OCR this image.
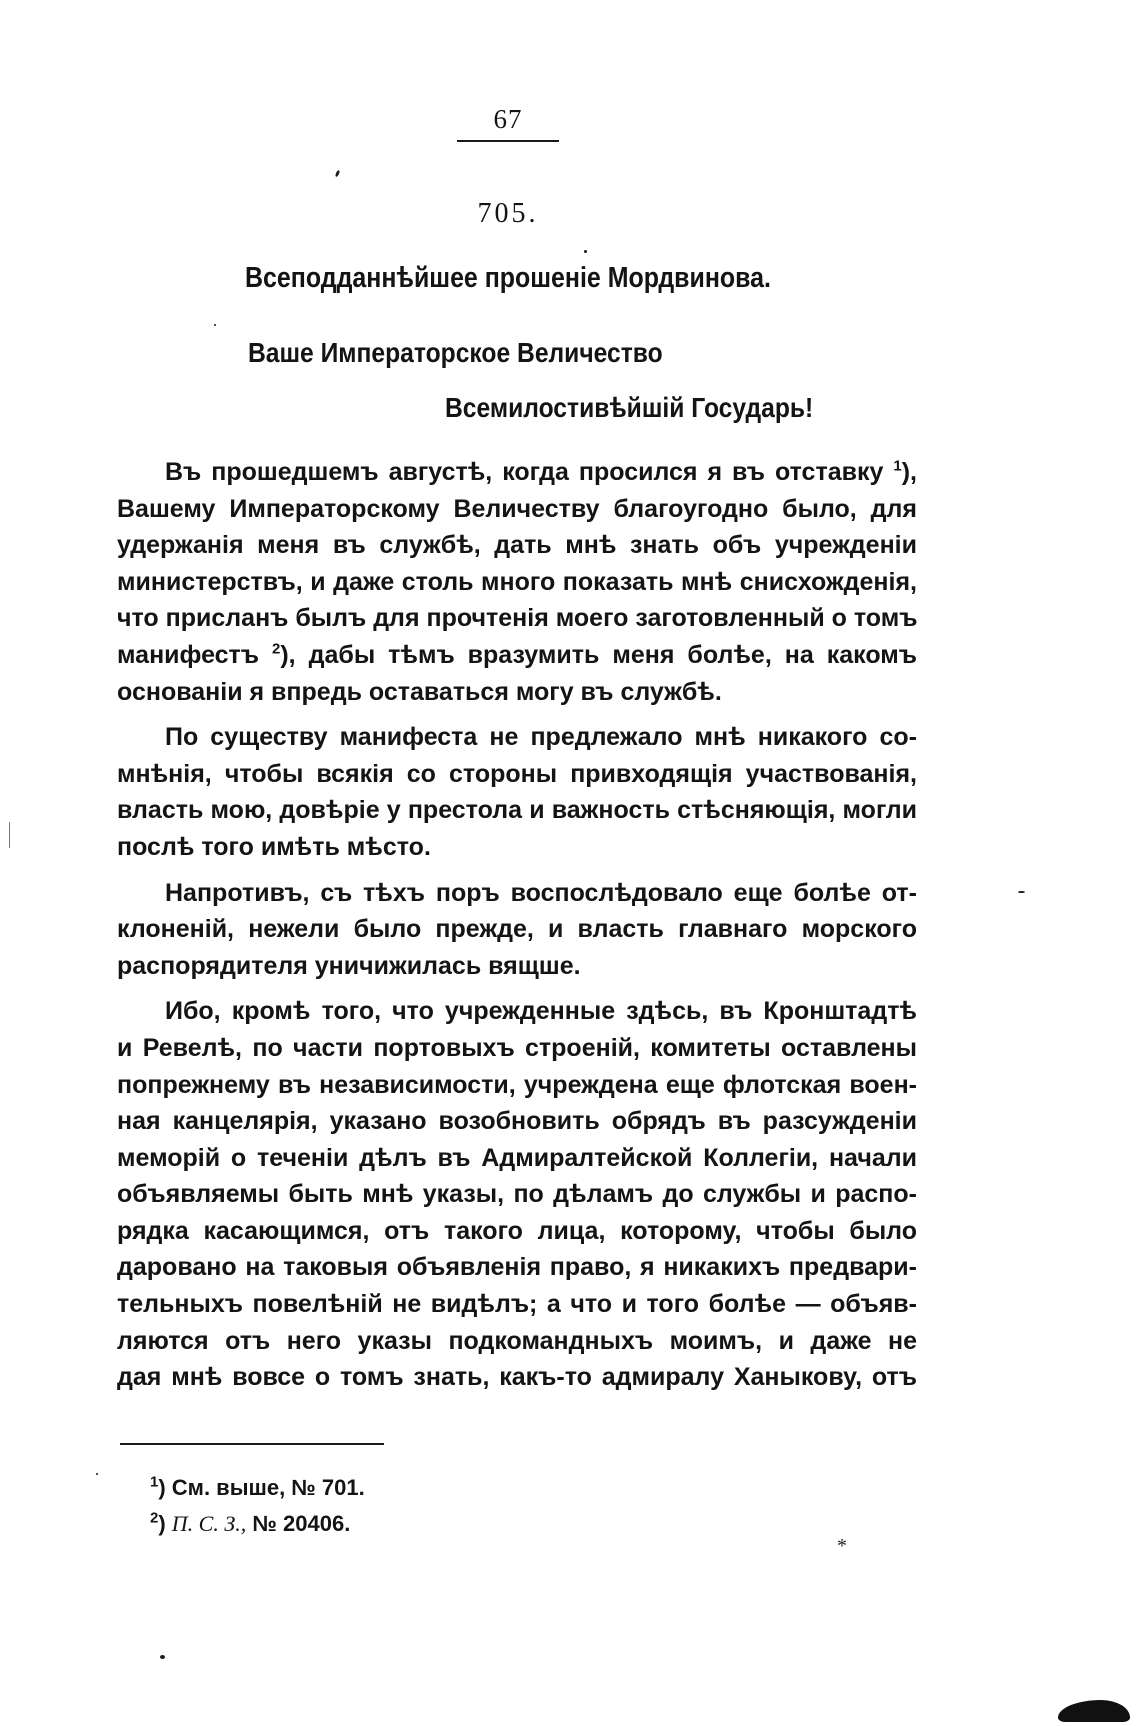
67
705.
Всеподданнѣйшее прошеніе Мордвинова.
Ваше Императорское Величество
Всемилостивѣйшій Государь!
Въ прошедшемъ августѣ, когда просился я въ отставку $^1$),
Вашему Императорскому Величеству благоугодно было, для
удержанія меня въ службѣ, дать мнѣ знать объ учрежденіи
министерствъ, и даже столь много показать мнѣ снисхожденія,
что присланъ былъ для прочтенія моего заготовленный о томъ
манифестъ $^2$), дабы тѣмъ вразумить меня болѣе, на какомъ
основаніи я впредь оставаться могу въ службѣ.
По существу манифеста не предлежало мнѣ никакого со-
мнѣнія, чтобы всякія со стороны привходящія участвованія,
власть мою, довѣріе у престола и важность стѣсняющія, могли
послѣ того имѣть мѣсто.
Напротивъ, съ тѣхъ поръ воспослѣдовало еще болѣе от-
клоненій, нежели было прежде, и власть главнаго морского
распорядителя уничижилась вящше.
Ибо, кромѣ того, что учрежденные здѣсь, въ Кронштадтѣ
и Ревелѣ, по части портовыхъ строеній, комитеты оставлены
попрежнему въ независимости, учреждена еще флотская воен-
ная канцелярія, указано возобновить обрядъ въ разсужденіи
меморій о теченіи дѣлъ въ Адмиралтейской Коллегіи, начали
объявляемы быть мнѣ указы, по дѣламъ до службы и распо-
рядка касающимся, отъ такого лица, которому, чтобы было
даровано на таковыя объявленія право, я никакихъ предвари-
тельныхъ повелѣній не видѣлъ; а что и того болѣе — объяв-
ляются отъ него указы подкомандныхъ моимъ, и даже не
дая мнѣ вовсе о томъ знать, какъ-то адмиралу Ханыкову, отъ
$^1$) См. выше, № 701.
$^2$) П. С. З., № 20406.
*
